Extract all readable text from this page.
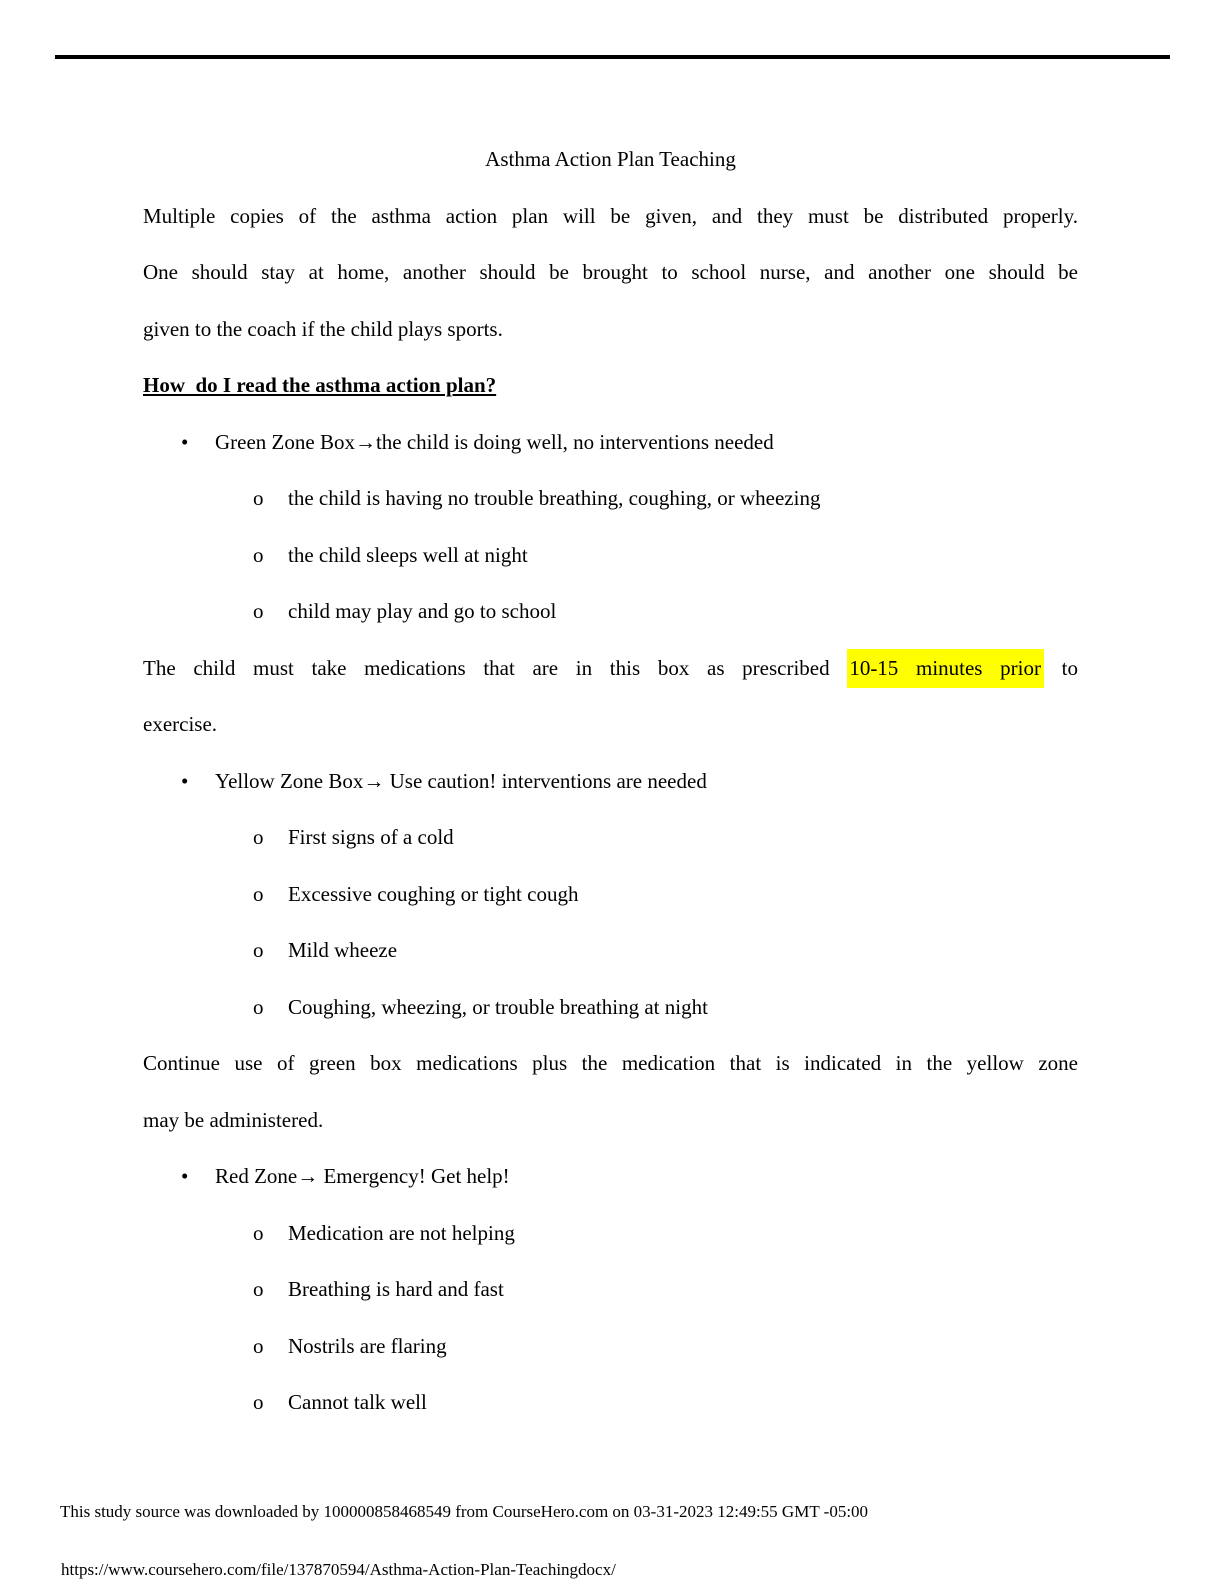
Asthma Action Plan Teaching
Multiple copies of the asthma action plan will be given, and they must be distributed properly.
One should stay at home, another should be brought to school nurse, and another one should be
given to the coach if the child plays sports.
How  do I read the asthma action plan?
• Green Zone Box→the child is doing well, no interventions needed
o the child is having no trouble breathing, coughing, or wheezing
o the child sleeps well at night
o child may play and go to school
The child must take medications that are in this box as prescribed 10-15 minutes prior to
exercise.
• Yellow Zone Box→ Use caution! interventions are needed
o First signs of a cold
o Excessive coughing or tight cough
o Mild wheeze
o Coughing, wheezing, or trouble breathing at night
Continue use of green box medications plus the medication that is indicated in the yellow zone
may be administered.
• Red Zone→ Emergency! Get help!
o Medication are not helping
o Breathing is hard and fast
o Nostrils are flaring
o Cannot talk well
This study source was downloaded by 100000858468549 from CourseHero.com on 03-31-2023 12:49:55 GMT -05:00
https://www.coursehero.com/file/137870594/Asthma-Action-Plan-Teachingdocx/
